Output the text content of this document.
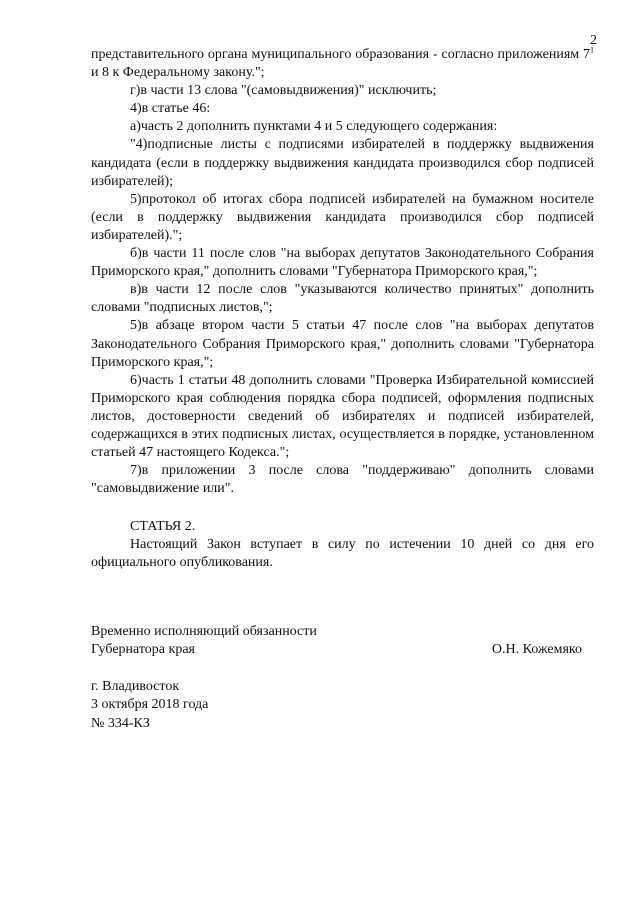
2

представительного органа муниципального образования - согласно приложениям $7^1$ и 8 к Федеральному закону.";

г)в части 13 слова "(самовыдвижения)" исключить;

4)в статье 46:

а)часть 2 дополнить пунктами 4 и 5 следующего содержания:

"4)подписные листы с подписями избирателей в поддержку выдвижения кандидата (если в поддержку выдвижения кандидата производился сбор подписей избирателей);

5)протокол об итогах сбора подписей избирателей на бумажном носителе (если в поддержку выдвижения кандидата производился сбор подписей избирателей).";

б)в части 11 после слов "на выборах депутатов Законодательного Собрания Приморского края," дополнить словами "Губернатора Приморского края,";

в)в части 12 после слов "указываются количество принятых" дополнить словами "подписных листов,";

5)в абзаце втором части 5 статьи 47 после слов "на выборах депутатов Законодательного Собрания Приморского края," дополнить словами "Губернатора Приморского края,";

6)часть 1 статьи 48 дополнить словами "Проверка Избирательной комиссией Приморского края соблюдения порядка сбора подписей, оформления подписных листов, достоверности сведений об избирателях и подписей избирателей, содержащихся в этих подписных листах, осуществляется в порядке, установленном статьей 47 настоящего Кодекса.";

7)в приложении 3 после слова "поддерживаю" дополнить словами "самовыдвижение или".

СТАТЬЯ 2.

Настоящий Закон вступает в силу по истечении 10 дней со дня его официального опубликования.

Временно исполняющий обязанности
Губернатора края	О.Н. Кожемяко
г. Владивосток
3 октября 2018 года
№ 334-КЗ
